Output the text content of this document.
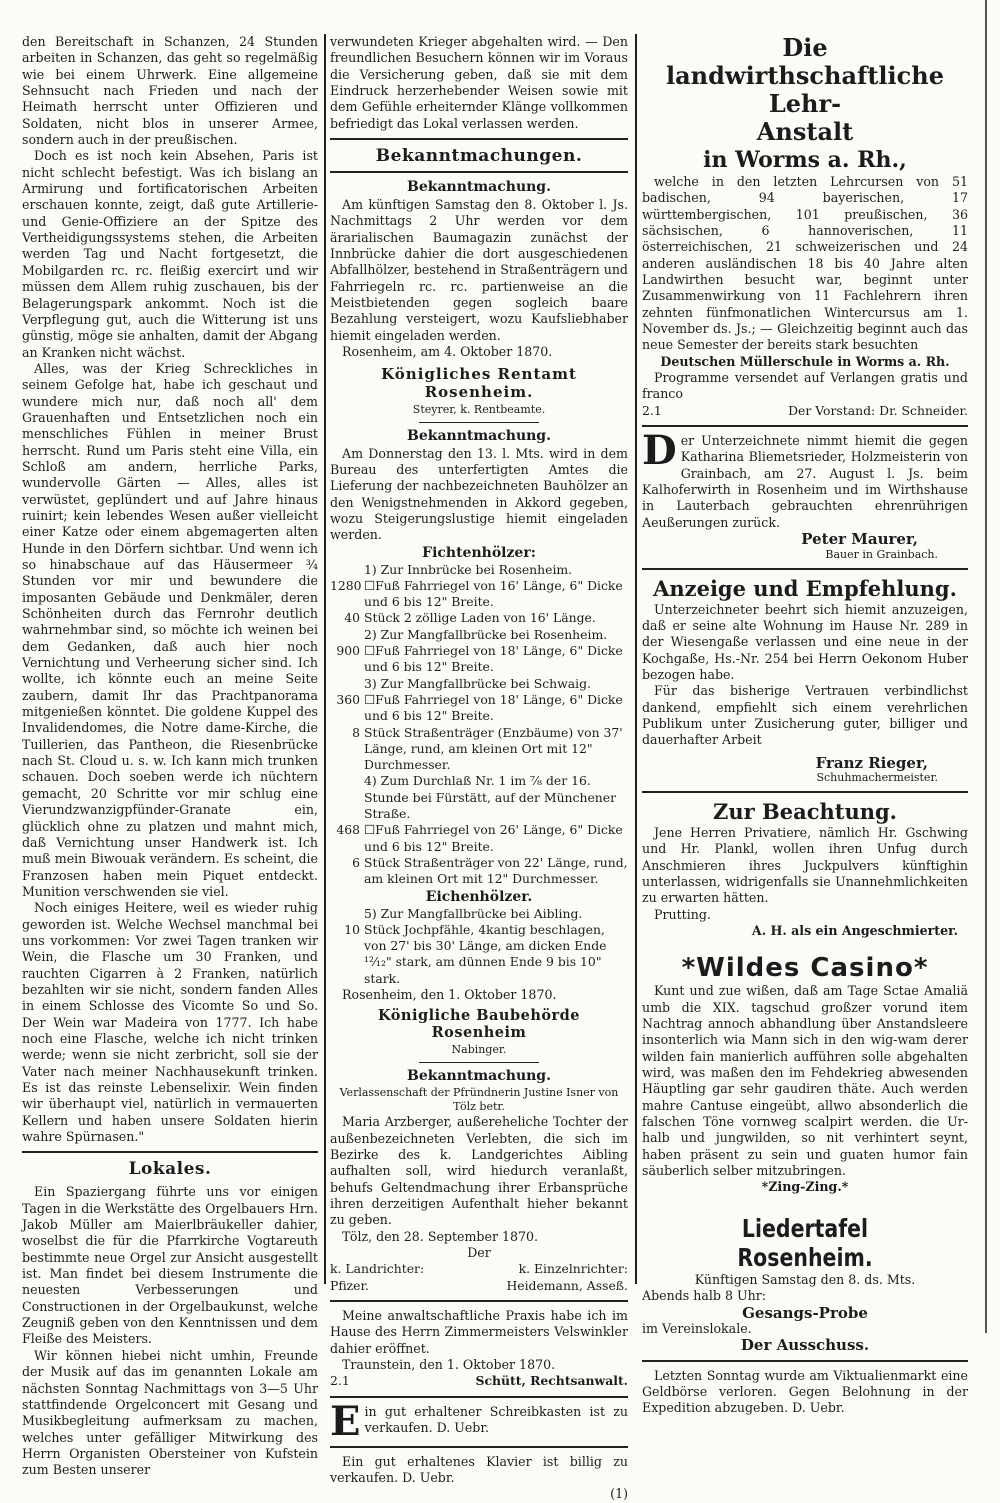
den Bereitschaft in Schanzen, 24 Stunden arbeiten in Schanzen, das geht so regelmäßig wie bei einem Uhrwerk. Eine allgemeine Sehnsucht nach Frieden und nach der Heimath herrscht unter Offizieren und Soldaten, nicht blos in unserer Armee, sondern auch in der preußischen.

Doch es ist noch kein Absehen, Paris ist nicht schlecht befestigt. Was ich bislang an Armirung und fortificatorischen Arbeiten erschauen konnte, zeigt, daß gute Artillerie- und Genie-Offiziere an der Spitze des Vertheidigungssystems stehen, die Arbeiten werden Tag und Nacht fortgesetzt, die Mobilgarden rc. rc. fleißig exercirt und wir müssen dem Allem ruhig zuschauen, bis der Belagerungspark ankommt. Noch ist die Verpflegung gut, auch die Witterung ist uns günstig, möge sie anhalten, damit der Abgang an Kranken nicht wächst.

Alles, was der Krieg Schreckliches in seinem Gefolge hat, habe ich geschaut und wundere mich nur, daß noch all' dem Grauenhaften und Entsetzlichen noch ein menschliches Fühlen in meiner Brust herrscht. Rund um Paris steht eine Villa, ein Schloß am andern, herrliche Parks, wundervolle Gärten — Alles, alles ist verwüstet, geplündert und auf Jahre hinaus ruinirt; kein lebendes Wesen außer vielleicht einer Katze oder einem abgemagerten alten Hunde in den Dörfern sichtbar. Und wenn ich so hinabschaue auf das Häusermeer ¾ Stunden vor mir und bewundere die imposanten Gebäude und Denkmäler, deren Schönheiten durch das Fernrohr deutlich wahrnehmbar sind, so möchte ich weinen bei dem Gedanken, daß auch hier noch Vernichtung und Verheerung sicher sind. Ich wollte, ich könnte euch an meine Seite zaubern, damit Ihr das Prachtpanorama mitgenießen könntet. Die goldene Kuppel des Invalidendomes, die Notre dame-Kirche, die Tuillerien, das Pantheon, die Riesenbrücke nach St. Cloud u. s. w. Ich kann mich trunken schauen. Doch soeben werde ich nüchtern gemacht, 20 Schritte vor mir schlug eine Vierundzwanzigpfünder-Granate ein, glücklich ohne zu platzen und mahnt mich, daß Vernichtung unser Handwerk ist. Ich muß mein Biwouak verändern. Es scheint, die Franzosen haben mein Piquet entdeckt. Munition verschwenden sie viel.

Noch einiges Heitere, weil es wieder ruhig geworden ist. Welche Wechsel manchmal bei uns vorkommen: Vor zwei Tagen tranken wir Wein, die Flasche um 30 Franken, und rauchten Cigarren à 2 Franken, natürlich bezahlten wir sie nicht, sondern fanden Alles in einem Schlosse des Vicomte So und So. Der Wein war Madeira von 1777. Ich habe noch eine Flasche, welche ich nicht trinken werde; wenn sie nicht zerbricht, soll sie der Vater nach meiner Nachhausekunft trinken. Es ist das reinste Lebenselixir. Wein finden wir überhaupt viel, natürlich in vermauerten Kellern und haben unsere Soldaten hierin wahre Spürnasen."

Lokales.

Ein Spaziergang führte uns vor einigen Tagen in die Werkstätte des Orgelbauers Hrn. Jakob Müller am Maierlbräukeller dahier, woselbst die für die Pfarrkirche Vogtareuth bestimmte neue Orgel zur Ansicht ausgestellt ist. Man findet bei diesem Instrumente die neuesten Verbesserungen und Constructionen in der Orgelbaukunst, welche Zeugniß geben von den Kenntnissen und dem Fleiße des Meisters.

Wir können hiebei nicht umhin, Freunde der Musik auf das im genannten Lokale am nächsten Sonntag Nachmittags von 3—5 Uhr stattfindende Orgelconcert mit Gesang und Musikbegleitung aufmerksam zu machen, welches unter gefälliger Mitwirkung des Herrn Organisten Obersteiner von Kufstein zum Besten unserer

verwundeten Krieger abgehalten wird. — Den freundlichen Besuchern können wir im Voraus die Versicherung geben, daß sie mit dem Eindruck herzerhebender Weisen sowie mit dem Gefühle erheiternder Klänge vollkommen befriedigt das Lokal verlassen werden.

Bekanntmachungen.
Bekanntmachung.

Am künftigen Samstag den 8. Oktober l. Js. Nachmittags 2 Uhr werden vor dem ärarialischen Baumagazin zunächst der Innbrücke dahier die dort ausgeschiedenen Abfallhölzer, bestehend in Straßenträgern und Fahrriegeln rc. rc. partienweise an die Meistbietenden gegen sogleich baare Bezahlung versteigert, wozu Kaufsliebhaber hiemit eingeladen werden.

Rosenheim, am 4. Oktober 1870.

Königliches Rentamt Rosenheim.

Steyrer, k. Rentbeamte.

Bekanntmachung.

Am Donnerstag den 13. l. Mts. wird in dem Bureau des unterfertigten Amtes die Lieferung der nachbezeichneten Bauhölzer an den Wenigstnehmenden in Akkord gegeben, wozu Steigerungslustige hiemit eingeladen werden.

Fichtenhölzer:
1) Zur Innbrücke bei Rosenheim.
1280 ☐Fuß Fahrriegel von 16' Länge, 6" Dicke und 6 bis 12" Breite.
40 Stück 2 zöllige Laden von 16' Länge.
2) Zur Mangfallbrücke bei Rosenheim.
900 ☐Fuß Fahrriegel von 18' Länge, 6" Dicke und 6 bis 12" Breite.
3) Zur Mangfallbrücke bei Schwaig.
360 ☐Fuß Fahrriegel von 18' Länge, 6" Dicke und 6 bis 12" Breite.
8 Stück Straßenträger (Enzbäume) von 37' Länge, rund, am kleinen Ort mit 12" Durchmesser.
4) Zum Durchlaß Nr. 1 im ⅞ der 16. Stunde bei Fürstätt, auf der Münchener Straße.
468 ☐Fuß Fahrriegel von 26' Länge, 6" Dicke und 6 bis 12" Breite.
6 Stück Straßenträger von 22' Länge, rund, am kleinen Ort mit 12" Durchmesser.
Eichenhölzer.
5) Zur Mangfallbrücke bei Aibling.
10 Stück Jochpfähle, 4kantig beschlagen, von 27' bis 30' Länge, am dicken Ende ¹²⁄₁₂" stark, am dünnen Ende 9 bis 10" stark.

Rosenheim, den 1. Oktober 1870.

Königliche Baubehörde Rosenheim

Nabinger.

Bekanntmachung.

Verlassenschaft der Pfründnerin Justine Isner von Tölz betr.

Maria Arzberger, außereheliche Tochter der außenbezeichneten Verlebten, die sich im Bezirke des k. Landgerichtes Aibling aufhalten soll, wird hiedurch veranlaßt, behufs Geltendmachung ihrer Erbansprüche ihren derzeitigen Aufenthalt hieher bekannt zu geben.

Tölz, den 28. September 1870.

Der

k. Landrichter:	k. Einzelnrichter:
Pfizer.	Heidemann, Asseß.

Meine anwaltschaftliche Praxis habe ich im Hause des Herrn Zimmermeisters Velswinkler dahier eröffnet.

Traunstein, den 1. Oktober 1870.

2.1	Schütt, Rechtsanwalt.
E in gut erhaltener Schreibkasten ist zu verkaufen. D. Uebr.

Ein gut erhaltenes Klavier ist billig zu verkaufen. D. Uebr.

(1)

Die landwirthschaftliche Lehr-
Anstalt
in Worms a. Rh.,

welche in den letzten Lehrcursen von 51 badischen, 94 bayerischen, 17 württembergischen, 101 preußischen, 36 sächsischen, 6 hannoverischen, 11 österreichischen, 21 schweizerischen und 24 anderen ausländischen 18 bis 40 Jahre alten Landwirthen besucht war, beginnt unter Zusammenwirkung von 11 Fachlehrern ihren zehnten fünfmonatlichen Wintercursus am 1. November ds. Js.; — Gleichzeitig beginnt auch das neue Semester der bereits stark besuchten

Deutschen Müllerschule in Worms a. Rh.

Programme versendet auf Verlangen gratis und franco

2.1	Der Vorstand: Dr. Schneider.
D er Unterzeichnete nimmt hiemit die gegen Katharina Bliemetsrieder, Holzmeisterin von Grainbach, am 27. August l. Js. beim Kalhoferwirth in Rosenheim und im Wirthshause in Lauterbach gebrauchten ehrenrührigen Aeußerungen zurück.

Peter Maurer,

Bauer in Grainbach.

Anzeige und Empfehlung.

Unterzeichneter beehrt sich hiemit anzuzeigen, daß er seine alte Wohnung im Hause Nr. 289 in der Wiesengaße verlassen und eine neue in der Kochgaße, Hs.-Nr. 254 bei Herrn Oekonom Huber bezogen habe.

Für das bisherige Vertrauen verbindlichst dankend, empfiehlt sich einem verehrlichen Publikum unter Zusicherung guter, billiger und dauerhafter Arbeit

Franz Rieger,

Schuhmachermeister.

Zur Beachtung.

Jene Herren Privatiere, nämlich Hr. Gschwing und Hr. Plankl, wollen ihren Unfug durch Anschmieren ihres Juckpulvers künftighin unterlassen, widrigenfalls sie Unannehmlichkeiten zu erwarten hätten.

Prutting.

A. H. als ein Angeschmierter.

*Wildes Casino*

Kunt und zue wißen, daß am Tage Sctae Amaliä umb die XIX. tagschud großzer vorund item Nachtrag annoch abhandlung über Anstandsleere insonterlich wia Mann sich in den wig-wam derer wilden fain manierlich aufführen solle abgehalten wird, was maßen den im Fehdekrieg abwesenden Häuptling gar sehr gaudiren thäte. Auch werden mahre Cantuse eingeübt, allwo absonderlich die falschen Töne vornweg scalpirt werden. die Ur- halb und jungwilden, so nit verhintert seynt, haben präsent zu sein und guaten humor fain säuberlich selber mitzubringen.

*Zing-Zing.*

Liedertafel Rosenheim.

Künftigen Samstag den 8. ds. Mts.

Abends halb 8 Uhr:

Gesangs-Probe

im Vereinslokale.

Der Ausschuss.

Letzten Sonntag wurde am Viktualienmarkt eine Geldbörse verloren. Gegen Belohnung in der Expedition abzugeben. D. Uebr.
